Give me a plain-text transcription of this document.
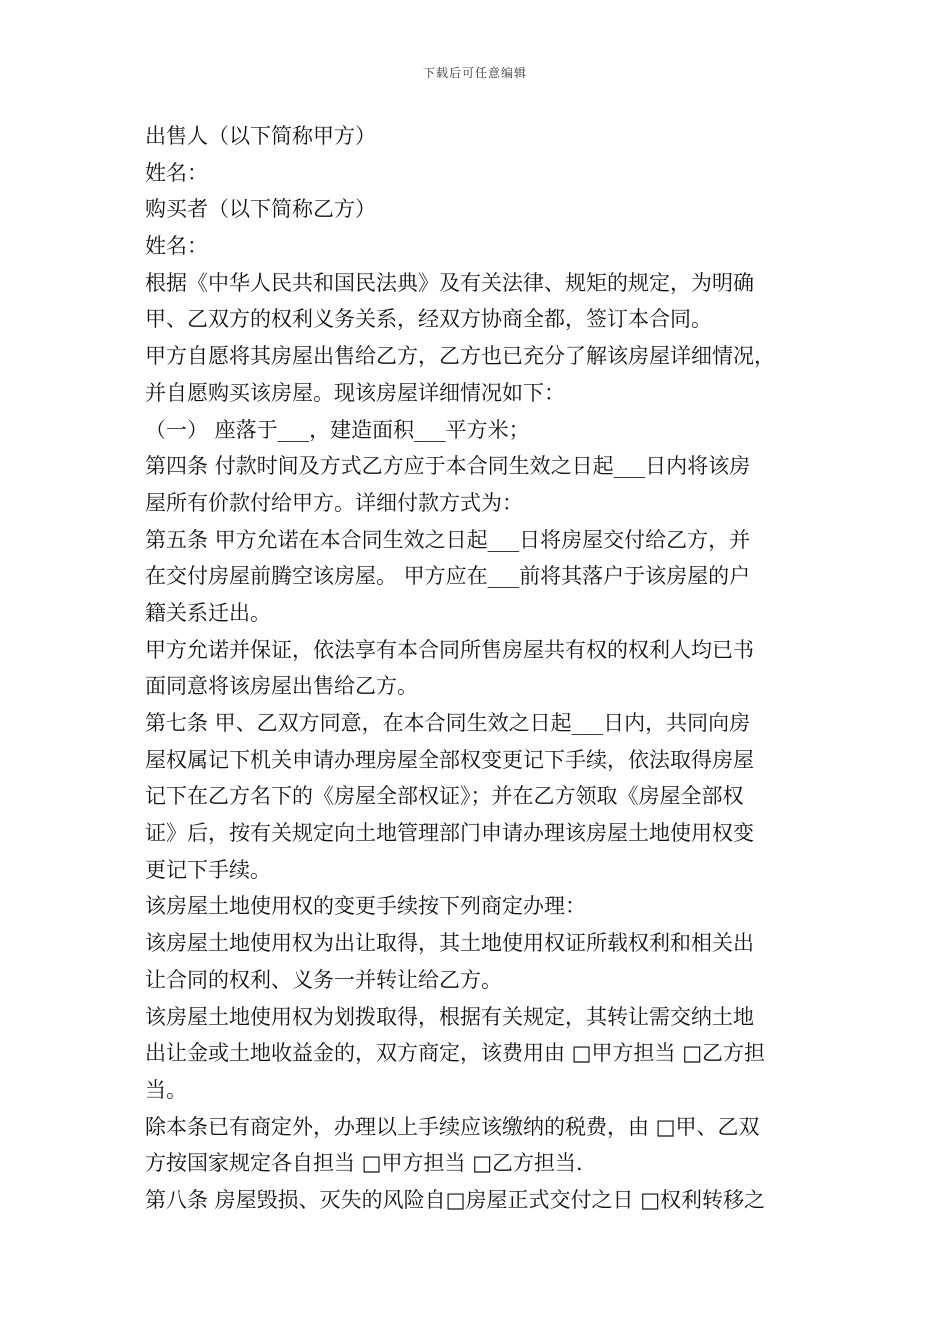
下载后可任意编辑
出售人（以下简称甲方）
姓名：
购买者（以下简称乙方）
姓名：
根据《中华人民共和国民法典》及有关法律、规矩的规定，为明确
甲、乙双方的权利义务关系，经双方协商全都，签订本合同。
甲方自愿将其房屋出售给乙方，乙方也已充分了解该房屋详细情况，
并自愿购买该房屋。现该房屋详细情况如下：
（一） 座落于___，建造面积___平方米；
第四条 付款时间及方式乙方应于本合同生效之日起___日内将该房
屋所有价款付给甲方。详细付款方式为：
第五条 甲方允诺在本合同生效之日起___日将房屋交付给乙方，并
在交付房屋前腾空该房屋。 甲方应在___前将其落户于该房屋的户
籍关系迁出。
甲方允诺并保证，依法享有本合同所售房屋共有权的权利人均已书
面同意将该房屋出售给乙方。
第七条 甲、乙双方同意，在本合同生效之日起___日内，共同向房
屋权属记下机关申请办理房屋全部权变更记下手续，依法取得房屋
记下在乙方名下的《房屋全部权证》；并在乙方领取《房屋全部权
证》后，按有关规定向土地管理部门申请办理该房屋土地使用权变
更记下手续。
该房屋土地使用权的变更手续按下列商定办理：
该房屋土地使用权为出让取得，其土地使用权证所载权利和相关出
让合同的权利、义务一并转让给乙方。
该房屋土地使用权为划拨取得，根据有关规定，其转让需交纳土地
出让金或土地收益金的，双方商定，该费用由 □甲方担当 □乙方担
当。
除本条已有商定外，办理以上手续应该缴纳的税费，由 □甲、乙双
方按国家规定各自担当 □甲方担当 □乙方担当．
第八条 房屋毁损、灭失的风险自□房屋正式交付之日 □权利转移之
